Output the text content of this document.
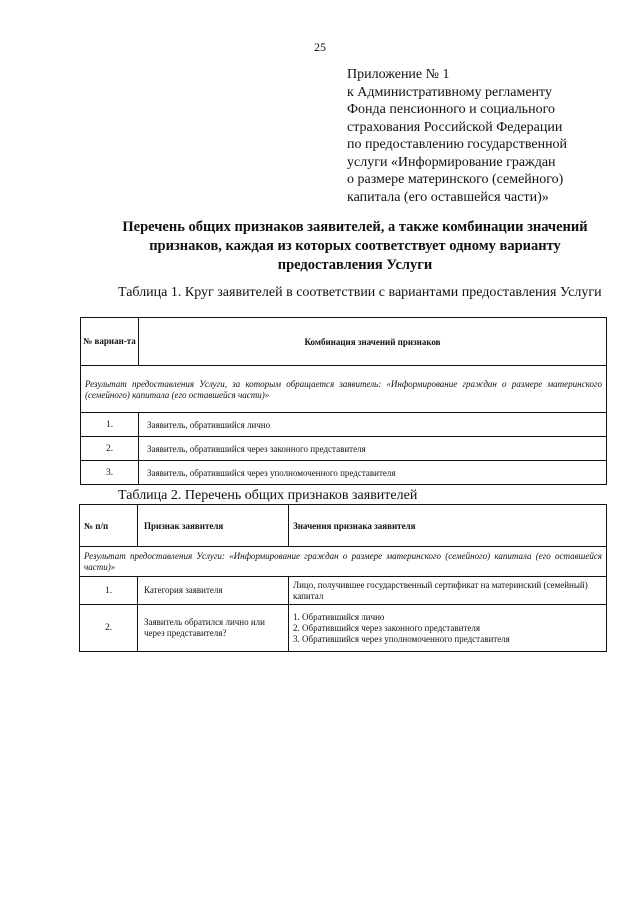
25
Приложение № 1
к Административному регламенту
Фонда пенсионного и социального
страхования Российской Федерации
по предоставлению государственной
услуги «Информирование граждан
о размере материнского (семейного)
капитала (его оставшейся части)»
Перечень общих признаков заявителей, а также комбинации значений признаков, каждая из которых соответствует одному варианту предоставления Услуги
Таблица 1. Круг заявителей в соответствии с вариантами предоставления Услуги
№ вариан-та	Комбинация значений признаков
Результат предоставления Услуги, за которым обращается заявитель: «Информирование граждан о размере материнского (семейного) капитала (его оставшейся части)»	
1.	Заявитель, обратившийся лично
2.	Заявитель, обратившийся через законного представителя
3.	Заявитель, обратившийся через уполномоченного представителя
Таблица 2. Перечень общих признаков заявителей
№ п/п	Признак заявителя	Значения признака заявителя
Результат предоставления Услуги: «Информирование граждан о размере материнского (семейного) капитала (его оставшейся части)»		
1.	Категория заявителя	Лицо, получившее государственный сертификат на материнский (семейный) капитал

2.	Заявитель обратился лично или через представителя?	1. Обратившийся лично
2. Обратившийся через законного представителя
3. Обратившийся через уполномоченного представителя
